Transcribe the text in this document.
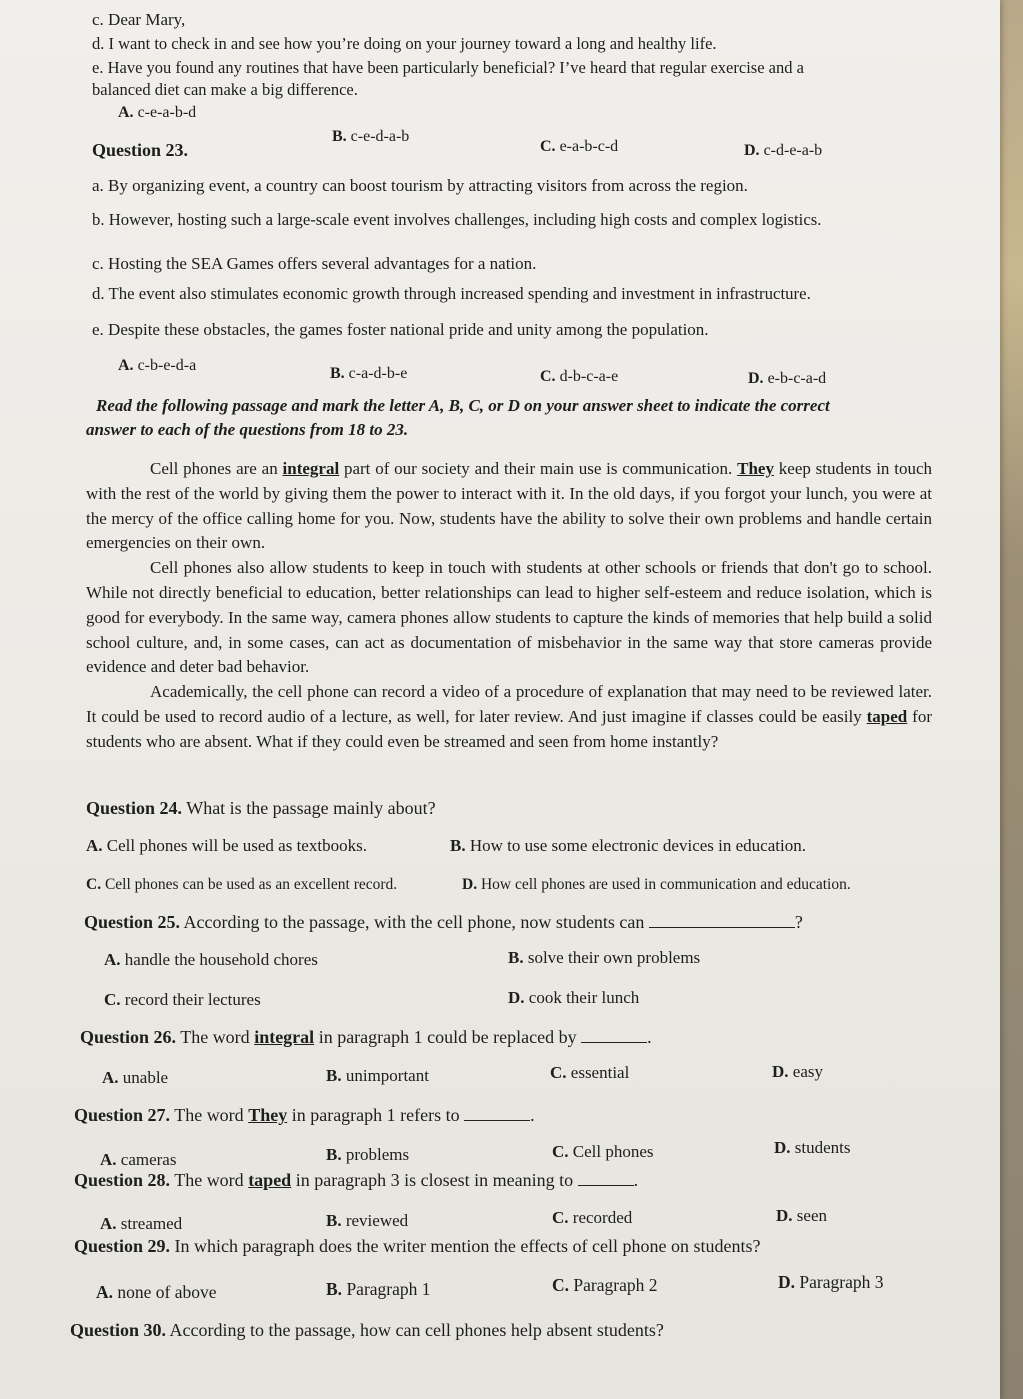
c. Dear Mary,
d. I want to check in and see how you’re doing on your journey toward a long and healthy life.
e. Have you found any routines that have been particularly beneficial? I’ve heard that regular exercise and a
balanced diet can make a big difference.
A. c-e-a-b-d
B. c-e-d-a-b
C. e-a-b-c-d	D. c-d-e-a-b
Question 23.
a. By organizing event, a country can boost tourism by attracting visitors from across the region.
b. However, hosting such a large-scale event involves challenges, including high costs and complex logistics.
c. Hosting the SEA Games offers several advantages for a nation.
d. The event also stimulates economic growth through increased spending and investment in infrastructure.
e. Despite these obstacles, the games foster national pride and unity among the population.
A. c-b-e-d-a	B. c-a-d-b-e	C. d-b-c-a-e	D. e-b-c-a-d
Read the following passage and mark the letter A, B, C, or D on your answer sheet to indicate the correct
answer to each of the questions from 18 to 23.

Cell phones are an integral part of our society and their main use is communication. They keep students in touch with the rest of the world by giving them the power to interact with it. In the old days, if you forgot your lunch, you were at the mercy of the office calling home for you. Now, students have the ability to solve their own problems and handle certain emergencies on their own.

Cell phones also allow students to keep in touch with students at other schools or friends that don't go to school. While not directly beneficial to education, better relationships can lead to higher self-esteem and reduce isolation, which is good for everybody. In the same way, camera phones allow students to capture the kinds of memories that help build a solid school culture, and, in some cases, can act as documentation of misbehavior in the same way that store cameras provide evidence and deter bad behavior.

Academically, the cell phone can record a video of a procedure of explanation that may need to be reviewed later. It could be used to record audio of a lecture, as well, for later review. And just imagine if classes could be easily taped for students who are absent. What if they could even be streamed and seen from home instantly?

Question 24. What is the passage mainly about?
A. Cell phones will be used as textbooks.	B. How to use some electronic devices in education.
C. Cell phones can be used as an excellent record.	D. How cell phones are used in communication and education.
Question 25. According to the passage, with the cell phone, now students can	?
A. handle the household chores	B. solve their own problems
C. record their lectures	D. cook their lunch
Question 26. The word integral in paragraph 1 could be replaced by	.
A. unable	B. unimportant	C. essential	D. easy
Question 27. The word They in paragraph 1 refers to	.
A. cameras	B. problems	C. Cell phones	D. students
Question 28. The word taped in paragraph 3 is closest in meaning to	.
A. streamed	B. reviewed	C. recorded	D. seen
Question 29. In which paragraph does the writer mention the effects of cell phone on students?
A. none of above	B. Paragraph 1	C. Paragraph 2	D. Paragraph 3
Question 30. According to the passage, how can cell phones help absent students?
